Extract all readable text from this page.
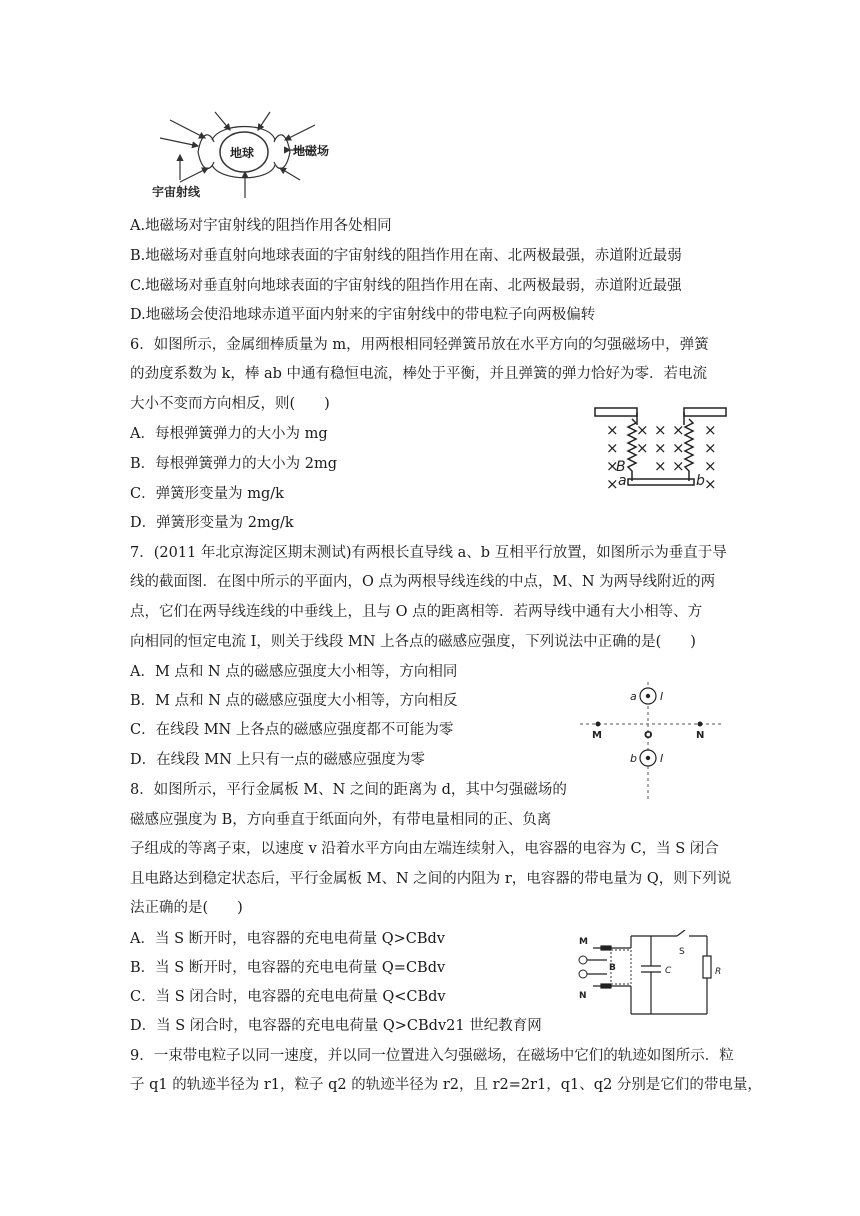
地球	地磁场
宇宙射线
A.地磁场对宇宙射线的阻挡作用各处相同
B.地磁场对垂直射向地球表面的宇宙射线的阻挡作用在南、北两极最强，赤道附近最弱
C.地磁场对垂直射向地球表面的宇宙射线的阻挡作用在南、北两极最弱，赤道附近最强
D.地磁场会使沿地球赤道平面内射来的宇宙射线中的带电粒子向两极偏转
6．如图所示，金属细棒质量为 m，用两根相同轻弹簧吊放在水平方向的匀强磁场中，弹簧
的劲度系数为 k，棒 ab 中通有稳恒电流，棒处于平衡，并且弹簧的弹力恰好为零．若电流
大小不变而方向相反，则(　　)
A．每根弹簧弹力的大小为 mg
B．每根弹簧弹力的大小为 2mg
C．弹簧形变量为 mg/k
D．弹簧形变量为 2mg/k
×
×
×
×
×
×
×
×
×
×
×
×
×
×
×
×
B
a	b
7．(2011 年北京海淀区期末测试)有两根长直导线 a、b 互相平行放置，如图所示为垂直于导
线的截面图．在图中所示的平面内，O 点为两根导线连线的中点，M、N 为两导线附近的两
点，它们在两导线连线的中垂线上，且与 O 点的距离相等．若两导线中通有大小相等、方
向相同的恒定电流 I，则关于线段 MN 上各点的磁感应强度，下列说法中正确的是(　　)
A．M 点和 N 点的磁感应强度大小相等，方向相同
B．M 点和 N 点的磁感应强度大小相等，方向相反
C．在线段 MN 上各点的磁感应强度都不可能为零
D．在线段 MN 上只有一点的磁感应强度为零
a I
b I
M	O	N
8．如图所示，平行金属板 M、N 之间的距离为 d，其中匀强磁场的
磁感应强度为 B，方向垂直于纸面向外，有带电量相同的正、负离
子组成的等离子束，以速度 v 沿着水平方向由左端连续射入，电容器的电容为 C，当 S 闭合
且电路达到稳定状态后，平行金属板 M、N 之间的内阻为 r，电容器的带电量为 Q，则下列说
法正确的是(　　)
A．当 S 断开时，电容器的充电电荷量 Q>CBdv
B．当 S 断开时，电容器的充电电荷量 Q=CBdv
C．当 S 闭合时，电容器的充电电荷量 Q<CBdv
D．当 S 闭合时，电容器的充电电荷量 Q>CBdv21 世纪教育网
M
N
B	C
S
R
9．一束带电粒子以同一速度，并以同一位置进入匀强磁场，在磁场中它们的轨迹如图所示．粒
子 q1 的轨迹半径为 r1，粒子 q2 的轨迹半径为 r2，且 r2=2r1，q1、q2 分别是它们的带电量，
